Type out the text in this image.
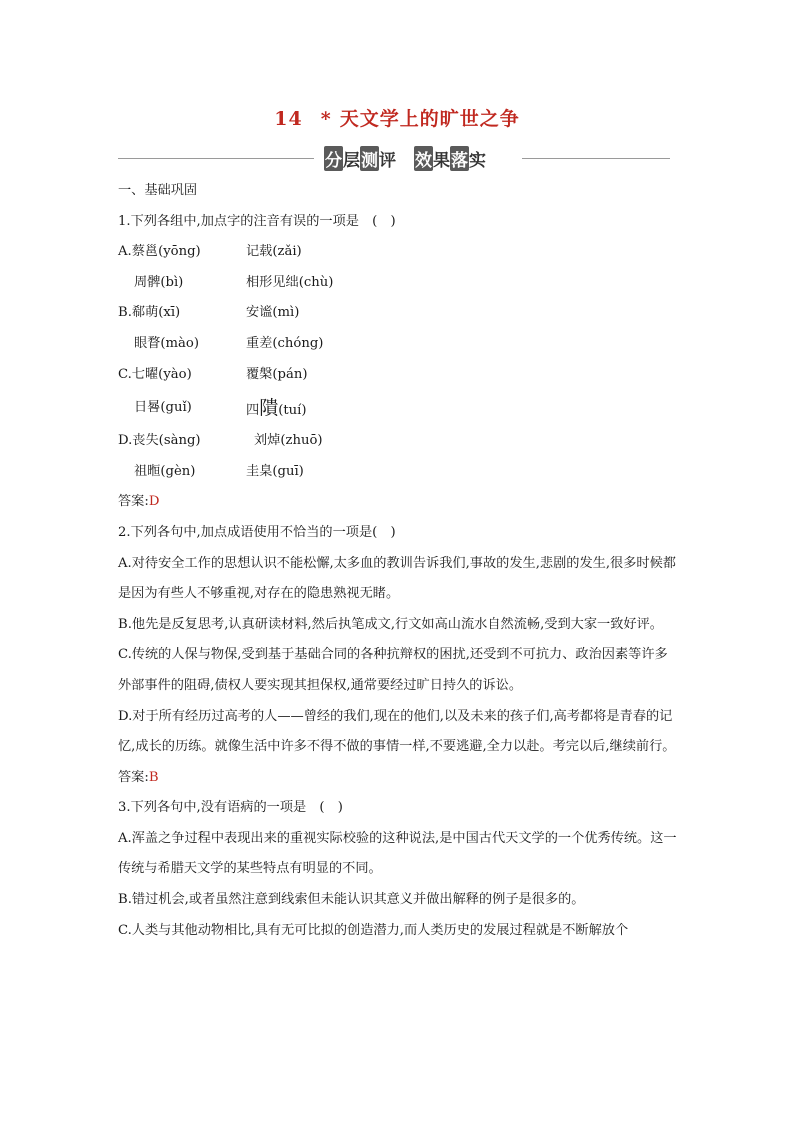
14 * 天文学上的旷世之争
分层测评 效果落实
一、基础巩固
1.下列各组中,加点字的注音有误的一项是　(　)
A.蔡邕(yōng)	记载(zǎi)
周髀(bì)	相形见绌(chù)
B.郗萌(xī)	安谧(mì)
眼瞀(mào)	重差(chóng)
C.七曜(yào)	覆槃(pán)
日晷(guǐ)	四隤(tuí)
D.丧失(sàng)	刘焯(zhuō)
祖暅(gèn)	圭臬(guī)
答案:D
2.下列各句中,加点成语使用不恰当的一项是(　)
A.对待安全工作的思想认识不能松懈,太多血的教训告诉我们,事故的发生,悲剧的发生,很多时候都是因为有些人不够重视,对存在的隐患熟视无睹。
B.他先是反复思考,认真研读材料,然后执笔成文,行文如高山流水自然流畅,受到大家一致好评。
C.传统的人保与物保,受到基于基础合同的各种抗辩权的困扰,还受到不可抗力、政治因素等许多外部事件的阻碍,债权人要实现其担保权,通常要经过旷日持久的诉讼。
D.对于所有经历过高考的人——曾经的我们,现在的他们,以及未来的孩子们,高考都将是青春的记忆,成长的历练。就像生活中许多不得不做的事情一样,不要逃避,全力以赴。考完以后,继续前行。
答案:B
3.下列各句中,没有语病的一项是　(　)
A.浑盖之争过程中表现出来的重视实际校验的这种说法,是中国古代天文学的一个优秀传统。这一传统与希腊天文学的某些特点有明显的不同。
B.错过机会,或者虽然注意到线索但未能认识其意义并做出解释的例子是很多的。
C.人类与其他动物相比,具有无可比拟的创造潜力,而人类历史的发展过程就是不断解放个
